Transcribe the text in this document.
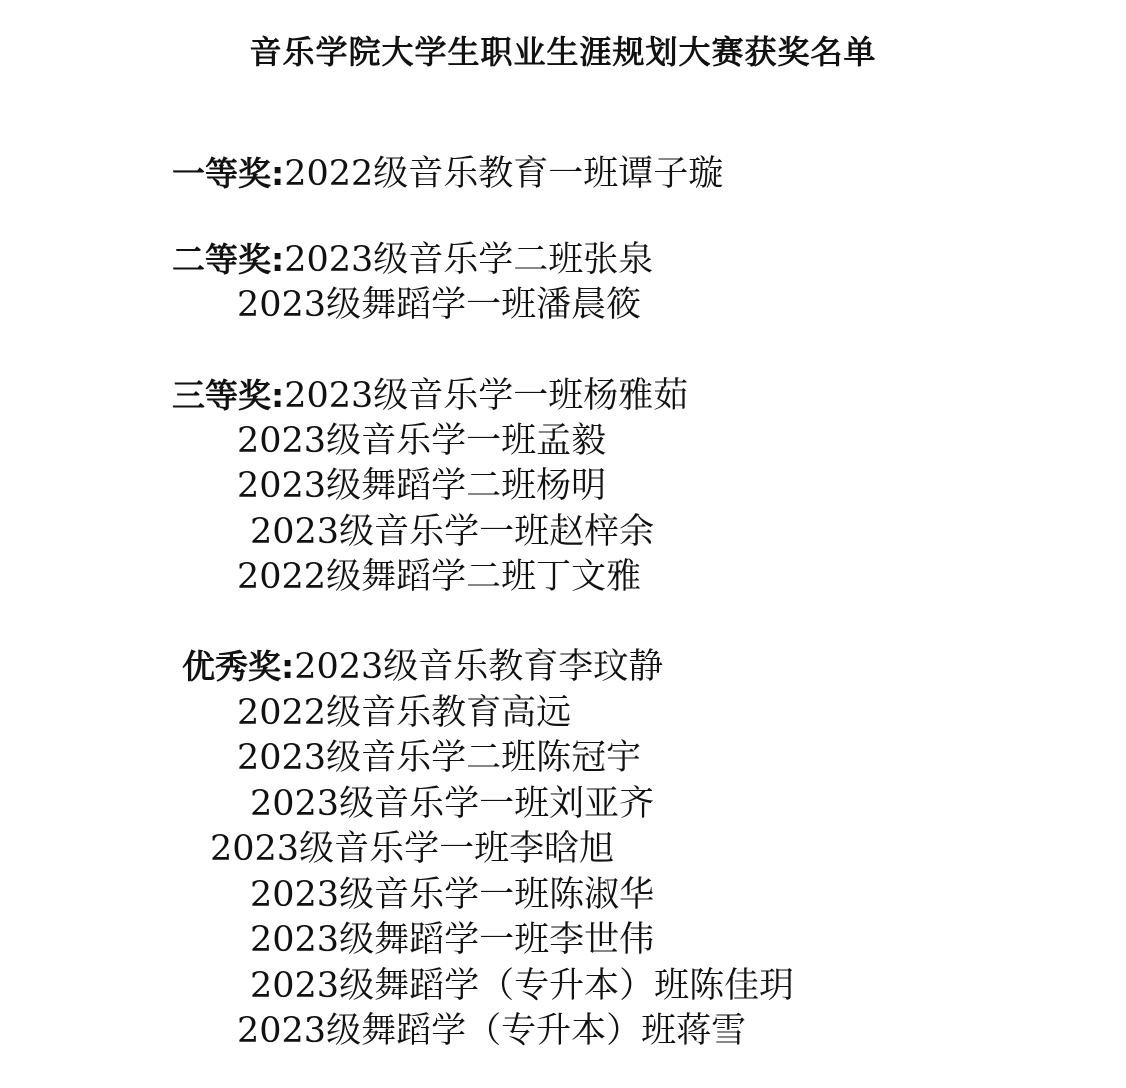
音乐学院大学生职业生涯规划大赛获奖名单
一等奖:2022级音乐教育一班谭子璇
二等奖:2023级音乐学二班张泉
2023级舞蹈学一班潘晨筱
三等奖:2023级音乐学一班杨雅茹
2023级音乐学一班孟毅
2023级舞蹈学二班杨明
2023级音乐学一班赵梓余
2022级舞蹈学二班丁文雅
优秀奖:2023级音乐教育李玟静
2022级音乐教育高远
2023级音乐学二班陈冠宇
2023级音乐学一班刘亚齐
2023级音乐学一班李晗旭
2023级音乐学一班陈淑华
2023级舞蹈学一班李世伟
2023级舞蹈学（专升本）班陈佳玥
2023级舞蹈学（专升本）班蒋雪
